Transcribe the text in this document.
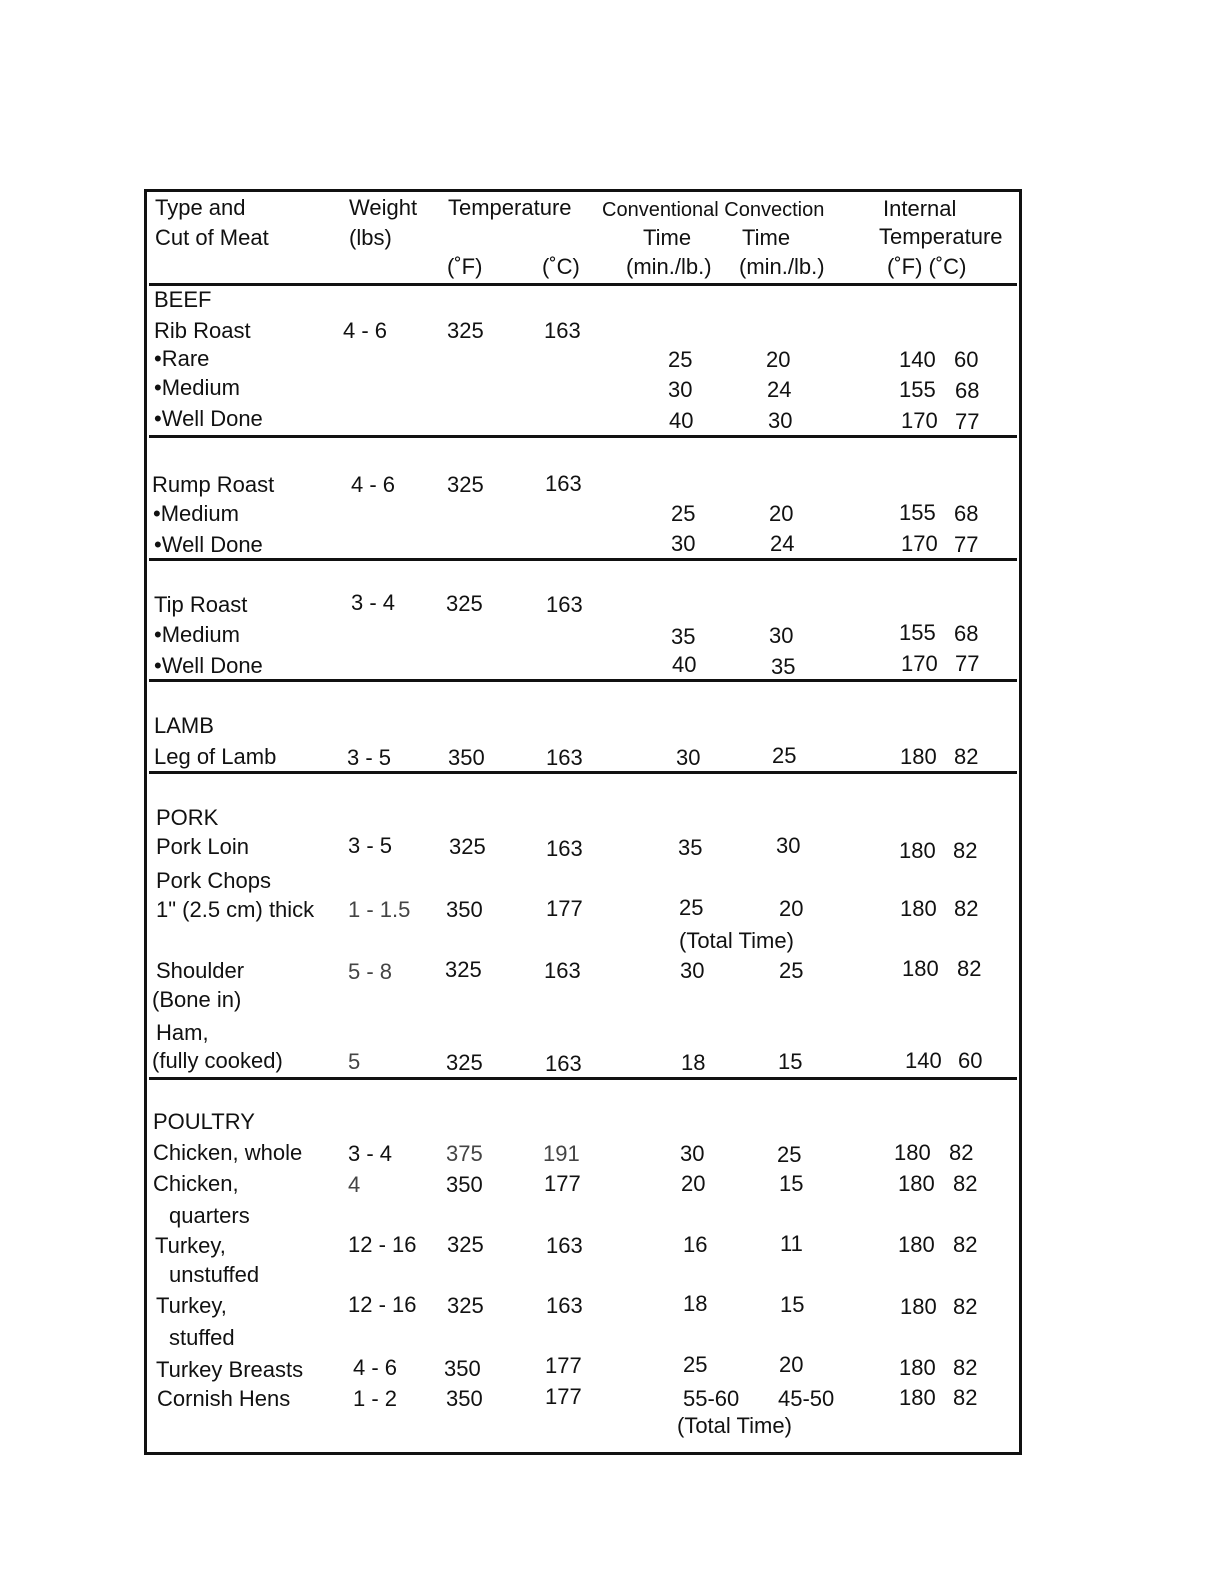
Type and
Cut of Meat
Weight
(lbs)
Temperature
(˚F)	(˚C)
Conventional Convection
Time
(min./lb.)
Time
(min./lb.)
Internal
Temperature
(˚F) (˚C)
BEEF
Rib Roast	4 - 6	325	163
•Rare	25	20	140 60
•Medium	30	24	155 68
•Well Done	40	30	170 77
Rump Roast	4 - 6 325	163
•Medium	25	20	155 68
•Well Done	30	24	170 77
Tip Roast	3 - 4 325	163
•Medium	35	30	155 68
•Well Done	40	35	170 77
LAMB
Leg of Lamb	3 - 5	350	163	30	25	180 82
PORK
Pork Loin	3 - 5	325	163	35	30	180 82
Pork Chops
1" (2.5 cm) thick 1 - 1.5 350	177	25	20	180 82
(Total Time)
Shoulder
(Bone in)
5 - 8 325	163	30	25	180 82
Ham,
(fully cooked)	5	325	163	18	15	140 60
POULTRY
Chicken, whole 3 - 4 375	191	30	25	180 82
Chicken,
quarters
4	350	177	20	15	180 82
Turkey,
unstuffed
12 - 16 325	163	16	11	180 82
Turkey,
stuffed
12 - 16 325	163	18	15	180 82
Turkey Breasts 4 - 6 350	177	25	20	180 82
Cornish Hens	1 - 2 350	177	55-60 45-50	180 82
(Total Time)
